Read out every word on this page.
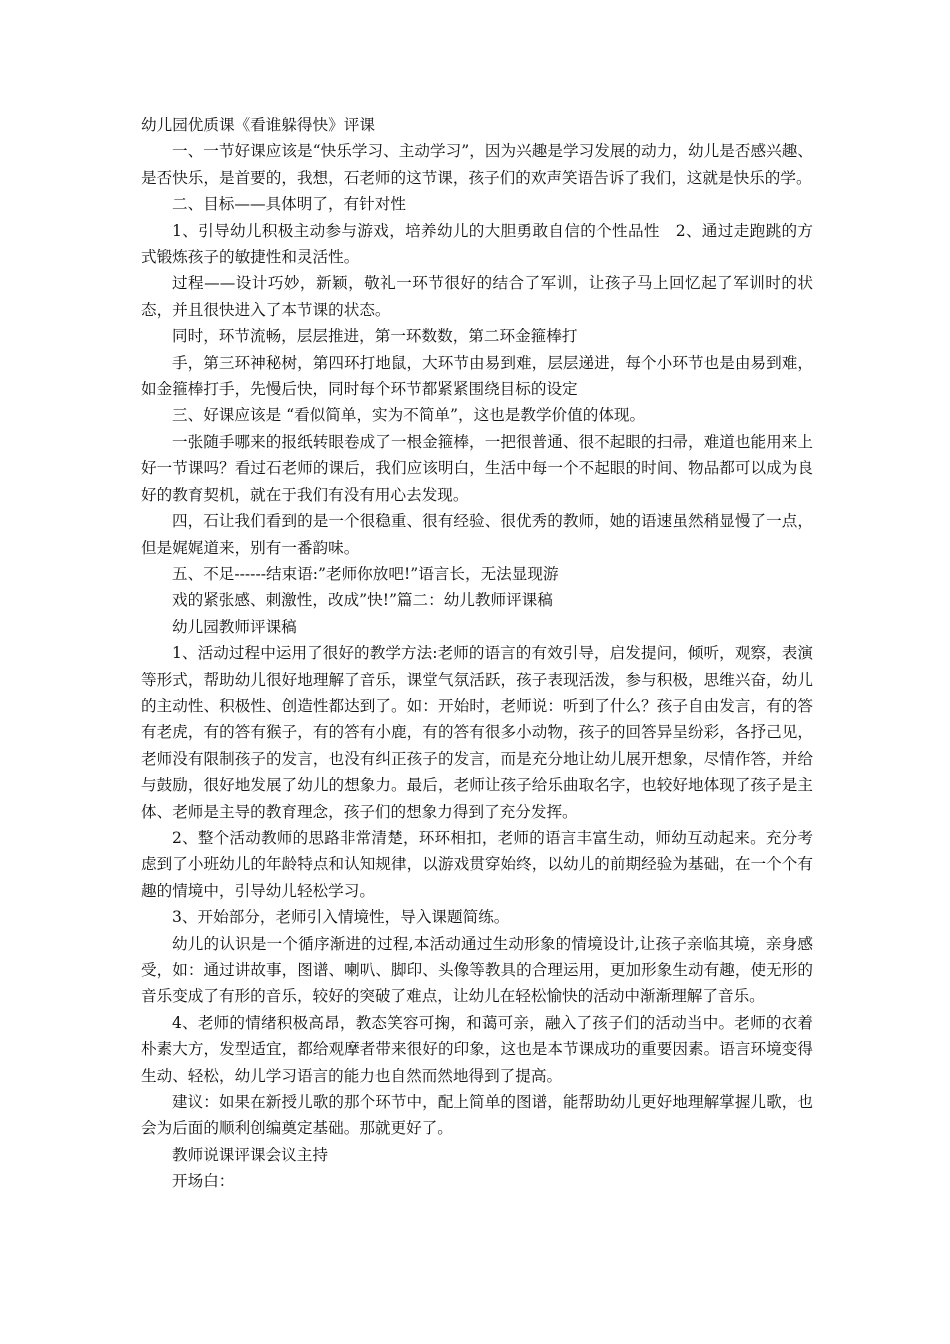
幼儿园优质课《看谁躲得快》评课

一、一节好课应该是“快乐学习、主动学习”，因为兴趣是学习发展的动力，幼儿是否感兴趣、是否快乐，是首要的，我想，石老师的这节课，孩子们的欢声笑语告诉了我们，这就是快乐的学。

二、目标——具体明了，有针对性

1、引导幼儿积极主动参与游戏，培养幼儿的大胆勇敢自信的个性品性　2、通过走跑跳的方式锻炼孩子的敏捷性和灵活性。

过程——设计巧妙，新颖，敬礼一环节很好的结合了军训，让孩子马上回忆起了军训时的状态，并且很快进入了本节课的状态。

同时，环节流畅，层层推进，第一环数数，第二环金箍棒打

手，第三环神秘树，第四环打地鼠，大环节由易到难，层层递进，每个小环节也是由易到难，如金箍棒打手，先慢后快，同时每个环节都紧紧围绕目标的设定

三、好课应该是 “看似简单，实为不简单”，这也是教学价值的体现。

一张随手哪来的报纸转眼卷成了一根金箍棒，一把很普通、很不起眼的扫帚，难道也能用来上好一节课吗？看过石老师的课后，我们应该明白，生活中每一个不起眼的时间、物品都可以成为良好的教育契机，就在于我们有没有用心去发现。

四，石让我们看到的是一个很稳重、很有经验、很优秀的教师，她的语速虽然稍显慢了一点，但是娓娓道来，别有一番韵味。

五、不足------结束语:”老师你放吧!”语言长，无法显现游

戏的紧张感、刺激性，改成”快!”篇二：幼儿教师评课稿

幼儿园教师评课稿

1、活动过程中运用了很好的教学方法:老师的语言的有效引导，启发提问，倾听，观察，表演等形式，帮助幼儿很好地理解了音乐，课堂气氛活跃，孩子表现活泼，参与积极，思维兴奋，幼儿的主动性、积极性、创造性都达到了。如：开始时，老师说：听到了什么？孩子自由发言，有的答有老虎，有的答有猴子，有的答有小鹿，有的答有很多小动物，孩子的回答异呈纷彩，各抒己见，老师没有限制孩子的发言，也没有纠正孩子的发言，而是充分地让幼儿展开想象，尽情作答，并给与鼓励，很好地发展了幼儿的想象力。最后，老师让孩子给乐曲取名字，也较好地体现了孩子是主体、老师是主导的教育理念，孩子们的想象力得到了充分发挥。

2、整个活动教师的思路非常清楚，环环相扣，老师的语言丰富生动，师幼互动起来。充分考虑到了小班幼儿的年龄特点和认知规律，以游戏贯穿始终，以幼儿的前期经验为基础，在一个个有趣的情境中，引导幼儿轻松学习。

3、开始部分，老师引入情境性，导入课题简练。

幼儿的认识是一个循序渐进的过程,本活动通过生动形象的情境设计,让孩子亲临其境，亲身感受，如：通过讲故事，图谱、喇叭、脚印、头像等教具的合理运用，更加形象生动有趣，使无形的音乐变成了有形的音乐，较好的突破了难点，让幼儿在轻松愉快的活动中渐渐理解了音乐。

4、老师的情绪积极高昂，教态笑容可掬，和蔼可亲，融入了孩子们的活动当中。老师的衣着朴素大方，发型适宜，都给观摩者带来很好的印象，这也是本节课成功的重要因素。语言环境变得生动、轻松，幼儿学习语言的能力也自然而然地得到了提高。

建议：如果在新授儿歌的那个环节中，配上简单的图谱，能帮助幼儿更好地理解掌握儿歌，也会为后面的顺利创编奠定基础。那就更好了。

教师说课评课会议主持

开场白：
